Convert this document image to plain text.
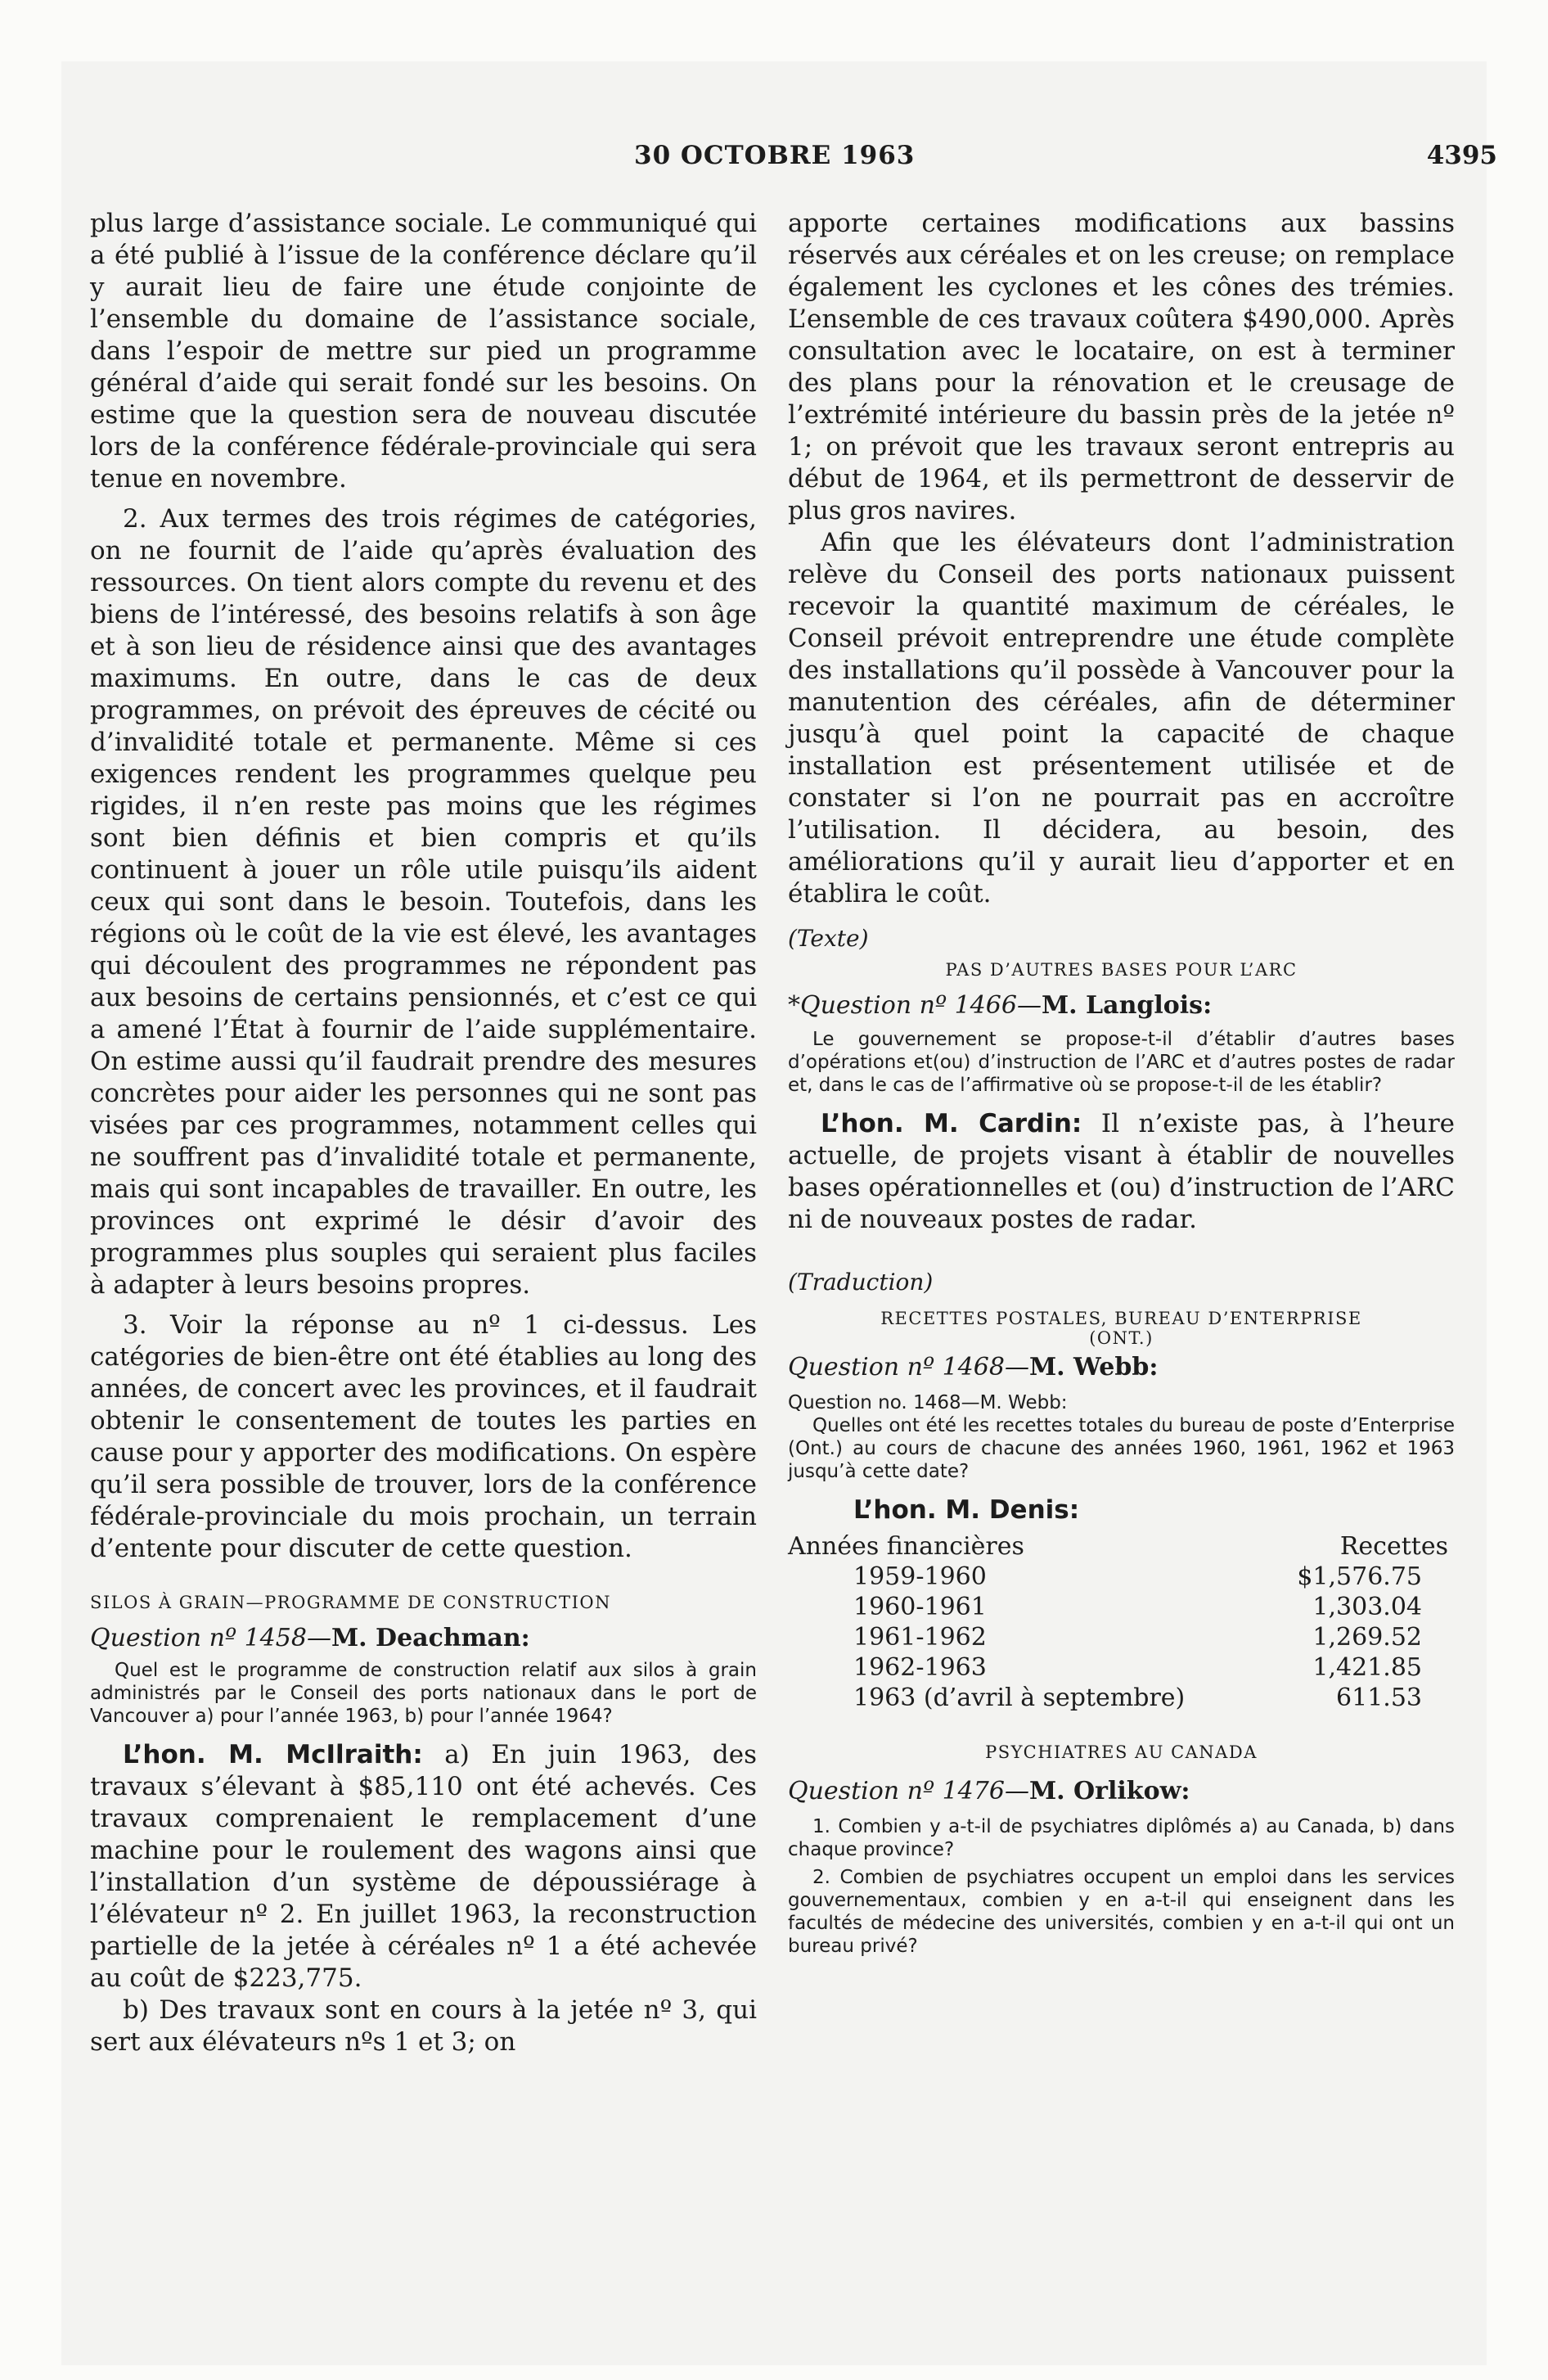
30 OCTOBRE 1963	4395

plus large d’assistance sociale. Le communiqué qui a été publié à l’issue de la conférence déclare qu’il y aurait lieu de faire une étude conjointe de l’ensemble du domaine de l’assistance sociale, dans l’espoir de mettre sur pied un programme général d’aide qui serait fondé sur les besoins. On estime que la question sera de nouveau discutée lors de la conférence fédérale-provinciale qui sera tenue en novembre.

2. Aux termes des trois régimes de catégories, on ne fournit de l’aide qu’après évaluation des ressources. On tient alors compte du revenu et des biens de l’intéressé, des besoins relatifs à son âge et à son lieu de résidence ainsi que des avantages maximums. En outre, dans le cas de deux programmes, on prévoit des épreuves de cécité ou d’invalidité totale et permanente. Même si ces exigences rendent les programmes quelque peu rigides, il n’en reste pas moins que les régimes sont bien définis et bien compris et qu’ils continuent à jouer un rôle utile puisqu’ils aident ceux qui sont dans le besoin. Toutefois, dans les régions où le coût de la vie est élevé, les avantages qui découlent des programmes ne répondent pas aux besoins de certains pensionnés, et c’est ce qui a amené l’État à fournir de l’aide supplémentaire. On estime aussi qu’il faudrait prendre des mesures concrètes pour aider les personnes qui ne sont pas visées par ces programmes, notamment celles qui ne souffrent pas d’invalidité totale et permanente, mais qui sont incapables de travailler. En outre, les provinces ont exprimé le désir d’avoir des programmes plus souples qui seraient plus faciles à adapter à leurs besoins propres.

3. Voir la réponse au nº 1 ci-dessus. Les catégories de bien-être ont été établies au long des années, de concert avec les provinces, et il faudrait obtenir le consentement de toutes les parties en cause pour y apporter des modifications. On espère qu’il sera possible de trouver, lors de la conférence fédérale-provinciale du mois prochain, un terrain d’entente pour discuter de cette question.

SILOS À GRAIN—PROGRAMME DE CONSTRUCTION

Question nº 1458—M. Deachman:

Quel est le programme de construction relatif aux silos à grain administrés par le Conseil des ports nationaux dans le port de Vancouver a) pour l’année 1963, b) pour l’année 1964?

L’hon. M. McIlraith: a) En juin 1963, des travaux s’élevant à $85,110 ont été achevés. Ces travaux comprenaient le remplacement d’une machine pour le roulement des wagons ainsi que l’installation d’un système de dépoussiérage à l’élévateur nº 2. En juillet 1963, la reconstruction partielle de la jetée à céréales nº 1 a été achevée au coût de $223,775.

b) Des travaux sont en cours à la jetée nº 3, qui sert aux élévateurs nºs 1 et 3; on

apporte certaines modifications aux bassins réservés aux céréales et on les creuse; on remplace également les cyclones et les cônes des trémies. L’ensemble de ces travaux coûtera $490,000. Après consultation avec le locataire, on est à terminer des plans pour la rénovation et le creusage de l’extrémité intérieure du bassin près de la jetée nº 1; on prévoit que les travaux seront entrepris au début de 1964, et ils permettront de desservir de plus gros navires.

Afin que les élévateurs dont l’administration relève du Conseil des ports nationaux puissent recevoir la quantité maximum de céréales, le Conseil prévoit entreprendre une étude complète des installations qu’il possède à Vancouver pour la manutention des céréales, afin de déterminer jusqu’à quel point la capacité de chaque installation est présentement utilisée et de constater si l’on ne pourrait pas en accroître l’utilisation. Il décidera, au besoin, des améliorations qu’il y aurait lieu d’apporter et en établira le coût.

(Texte)
PAS D’AUTRES BASES POUR L’ARC

*Question nº 1466—M. Langlois:

Le gouvernement se propose-t-il d’établir d’autres bases d’opérations et(ou) d’instruction de l’ARC et d’autres postes de radar et, dans le cas de l’affirmative où se propose-t-il de les établir?

L’hon. M. Cardin: Il n’existe pas, à l’heure actuelle, de projets visant à établir de nouvelles bases opérationnelles et (ou) d’instruction de l’ARC ni de nouveaux postes de radar.

(Traduction)
RECETTES POSTALES, BUREAU D’ENTERPRISE
(ONT.)

Question nº 1468—M. Webb:

Question no. 1468—M. Webb:

Quelles ont été les recettes totales du bureau de poste d’Enterprise (Ont.) au cours de chacune des années 1960, 1961, 1962 et 1963 jusqu’à cette date?

L’hon. M. Denis:

Années financières	Recettes
1959-1960	$1,576.75
1960-1961	1,303.04
1961-1962	1,269.52
1962-1963	1,421.85
1963 (d’avril à septembre)	611.53
PSYCHIATRES AU CANADA

Question nº 1476—M. Orlikow:

1. Combien y a-t-il de psychiatres diplômés a) au Canada, b) dans chaque province?

2. Combien de psychiatres occupent un emploi dans les services gouvernementaux, combien y en a-t-il qui enseignent dans les facultés de médecine des universités, combien y en a-t-il qui ont un bureau privé?
